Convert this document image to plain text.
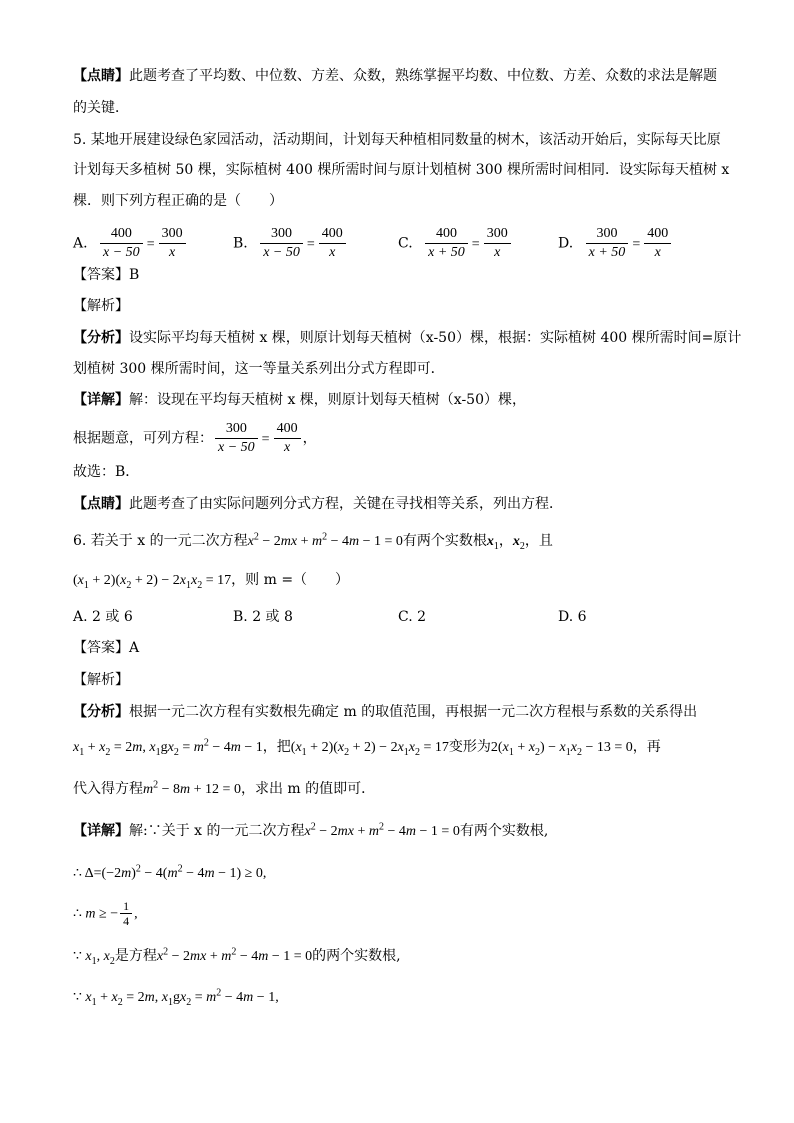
【点睛】此题考查了平均数、中位数、方差、众数，熟练掌握平均数、中位数、方差、众数的求法是解题
的关键．
5. 某地开展建设绿色家园活动，活动期间，计划每天种植相同数量的树木，该活动开始后，实际每天比原
计划每天多植树 50 棵，实际植树 400 棵所需时间与原计划植树 300 棵所需时间相同．设实际每天植树 x
棵．则下列方程正确的是（　　）
A. $\frac{400}{x - 50} = \frac{300}{x}$	B. $\frac{300}{x - 50} = \frac{400}{x}$	C. $\frac{400}{x + 50} = \frac{300}{x}$	D. $\frac{300}{x + 50} = \frac{400}{x}$
【答案】B
【解析】
【分析】设实际平均每天植树 x 棵，则原计划每天植树（x-50）棵，根据：实际植树 400 棵所需时间=原计
划植树 300 棵所需时间，这一等量关系列出分式方程即可．
【详解】解：设现在平均每天植树 x 棵，则原计划每天植树（x-50）棵，
根据题意，可列方程： $\frac{300}{x - 50} = \frac{400}{x}$ ，
故选：B．
【点睛】此题考查了由实际问题列分式方程，关键在寻找相等关系，列出方程．
6. 若关于 x 的一元二次方程$x^2 - 2mx + m^2 - 4m - 1 = 0$有两个实数根$x_1$，$x_2$，且
$(x_1 + 2)(x_2 + 2) - 2x_1x_2 = 17$，则 m =（　　）
A. 2 或 6	B. 2 或 8	C. 2	D. 6
【答案】A
【解析】
【分析】根据一元二次方程有实数根先确定 m 的取值范围，再根据一元二次方程根与系数的关系得出
$x_1 + x_2 = 2m$, $x_1gx_2 = m^2 - 4m - 1$，把$(x_1 + 2)(x_2 + 2) - 2x_1x_2 = 17$变形为$2(x_1 + x_2) - x_1x_2 - 13 = 0$，再
代入得方程$m^2 - 8m + 12 = 0$，求出 m 的值即可．
【详解】解:∵关于 x 的一元二次方程$x^2 - 2mx + m^2 - 4m - 1 = 0$有两个实数根,
∴ $\Delta=(-2m)^2 - 4(m^2 - 4m - 1) \ge 0$,
∴ m ≥ − $\frac{1}{4}$ ,
∵ $x_1$, $x_2$是方程$x^2 - 2mx + m^2 - 4m - 1 = 0$的两个实数根,
∵ $x_1 + x_2 = 2m$, $x_1gx_2 = m^2 - 4m - 1$,
